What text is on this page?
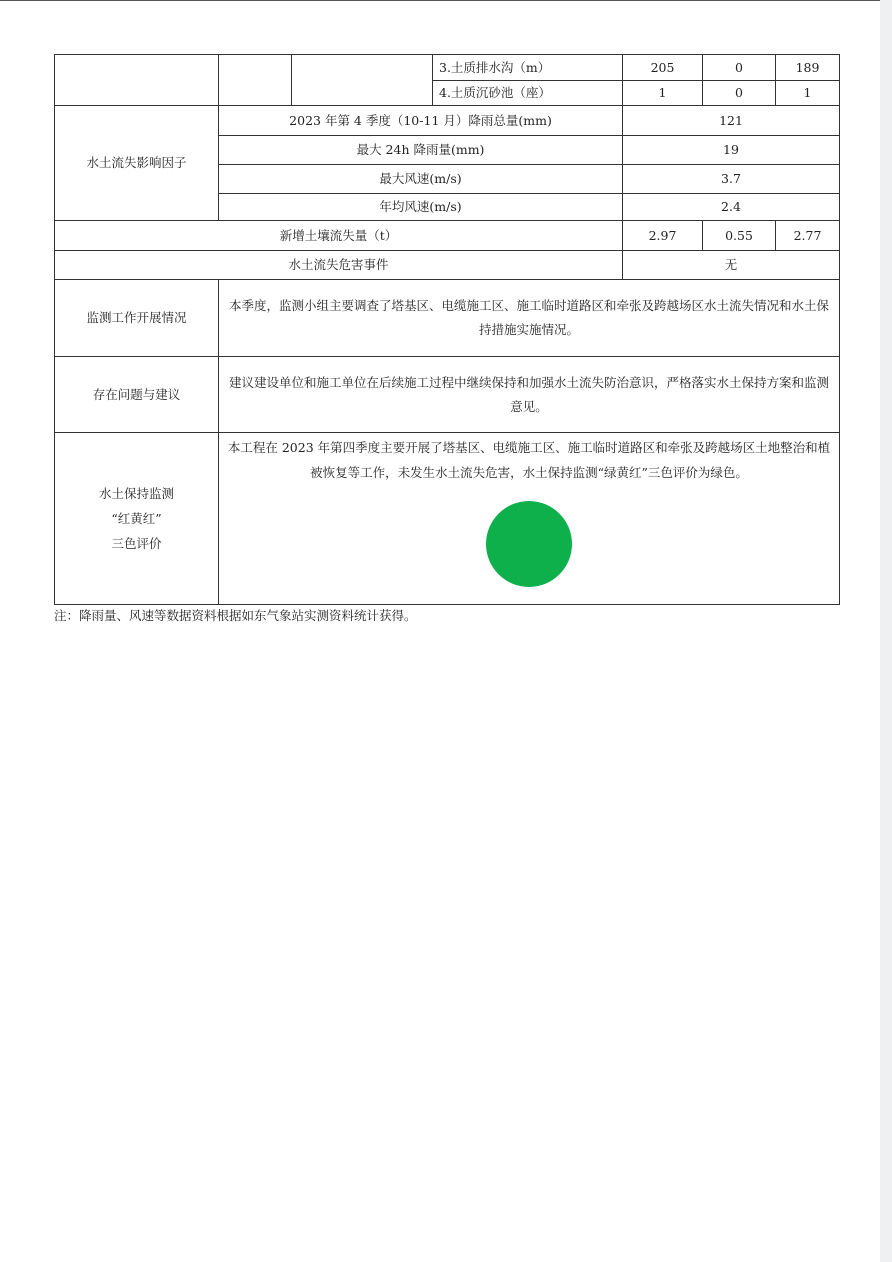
			3.土质排水沟（m）	205	0	189
			4.土质沉砂池（座）	1	0	1
水土流失影响因子	2023 年第 4 季度（10-11 月）降雨总量(mm)			121		
	最大 24h 降雨量(mm)			19		
	最大风速(m/s)			3.7		
	年均风速(m/s)			2.4		
新增土壤流失量（t）				2.97	0.55	2.77
水土流失危害事件				无		
监测工作开展情况	本季度，监测小组主要调查了塔基区、电缆施工区、施工临时道路区和牵张及跨越场区水土流失情况和水土保持措施实施情况。					
存在问题与建议	建议建设单位和施工单位在后续施工过程中继续保持和加强水土流失防治意识，严格落实水土保持方案和监测意见。					

水土保持监测
“红黄红”
三色评价	本工程在 2023 年第四季度主要开展了塔基区、电缆施工区、施工临时道路区和牵张及跨越场区土地整治和植被恢复等工作，未发生水土流失危害，水土保持监测“绿黄红”三色评价为绿色。					
注：降雨量、风速等数据资料根据如东气象站实测资料统计获得。
